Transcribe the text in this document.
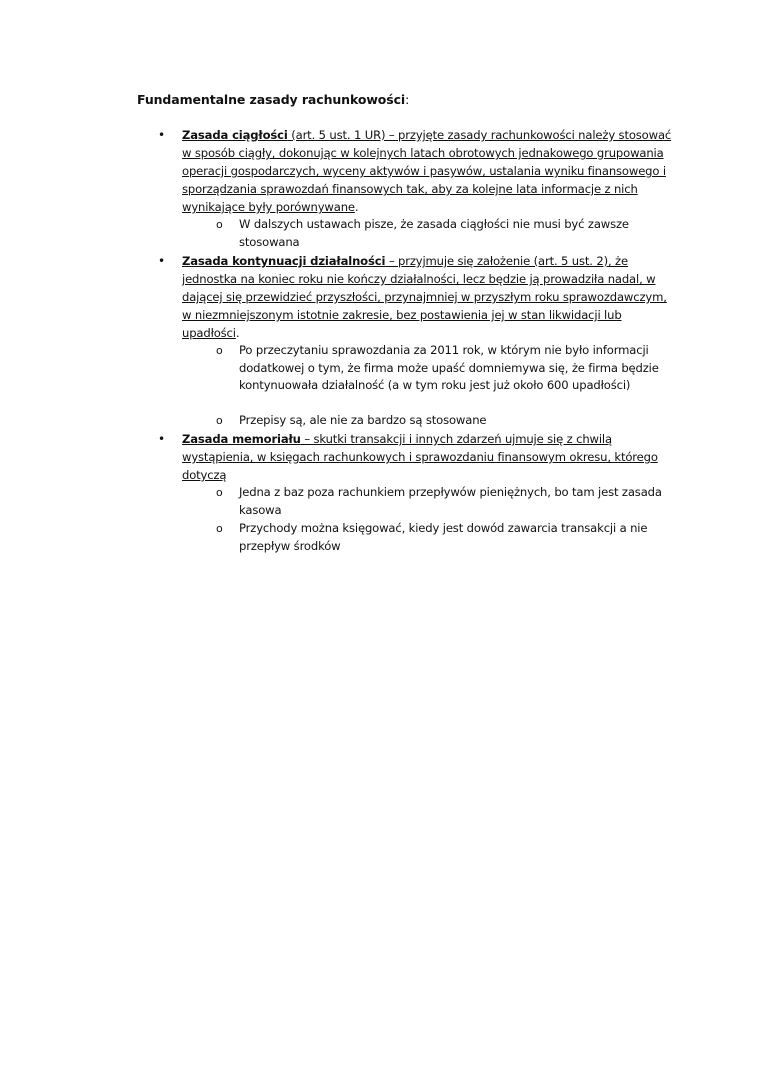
Fundamentalne zasady rachunkowości:
• Zasada ciągłości (art. 5 ust. 1 UR) – przyjęte zasady rachunkowości należy stosować w sposób ciągły, dokonując w kolejnych latach obrotowych jednakowego grupowania operacji gospodarczych, wyceny aktywów i pasywów, ustalania wyniku finansowego i sporządzania sprawozdań finansowych tak, aby za kolejne lata informacje z nich wynikające były porównywane.
o W dalszych ustawach pisze, że zasada ciągłości nie musi być zawsze stosowana
• Zasada kontynuacji działalności – przyjmuje się założenie (art. 5 ust. 2), że jednostka na koniec roku nie kończy działalności, lecz będzie ją prowadziła nadal, w dającej się przewidzieć przyszłości, przynajmniej w przyszłym roku sprawozdawczym, w niezmniejszonym istotnie zakresie, bez postawienia jej w stan likwidacji lub upadłości.
o Po przeczytaniu sprawozdania za 2011 rok, w którym nie było informacji dodatkowej o tym, że firma może upaść domniemywa się, że firma będzie kontynuowała działalność (a w tym roku jest już około 600 upadłości)
o Przepisy są, ale nie za bardzo są stosowane
• Zasada memoriału – skutki transakcji i innych zdarzeń ujmuje się z chwilą wystąpienia, w księgach rachunkowych i sprawozdaniu finansowym okresu, którego dotyczą
o Jedna z baz poza rachunkiem przepływów pieniężnych, bo tam jest zasada kasowa
o Przychody można księgować, kiedy jest dowód zawarcia transakcji a nie przepływ środków
